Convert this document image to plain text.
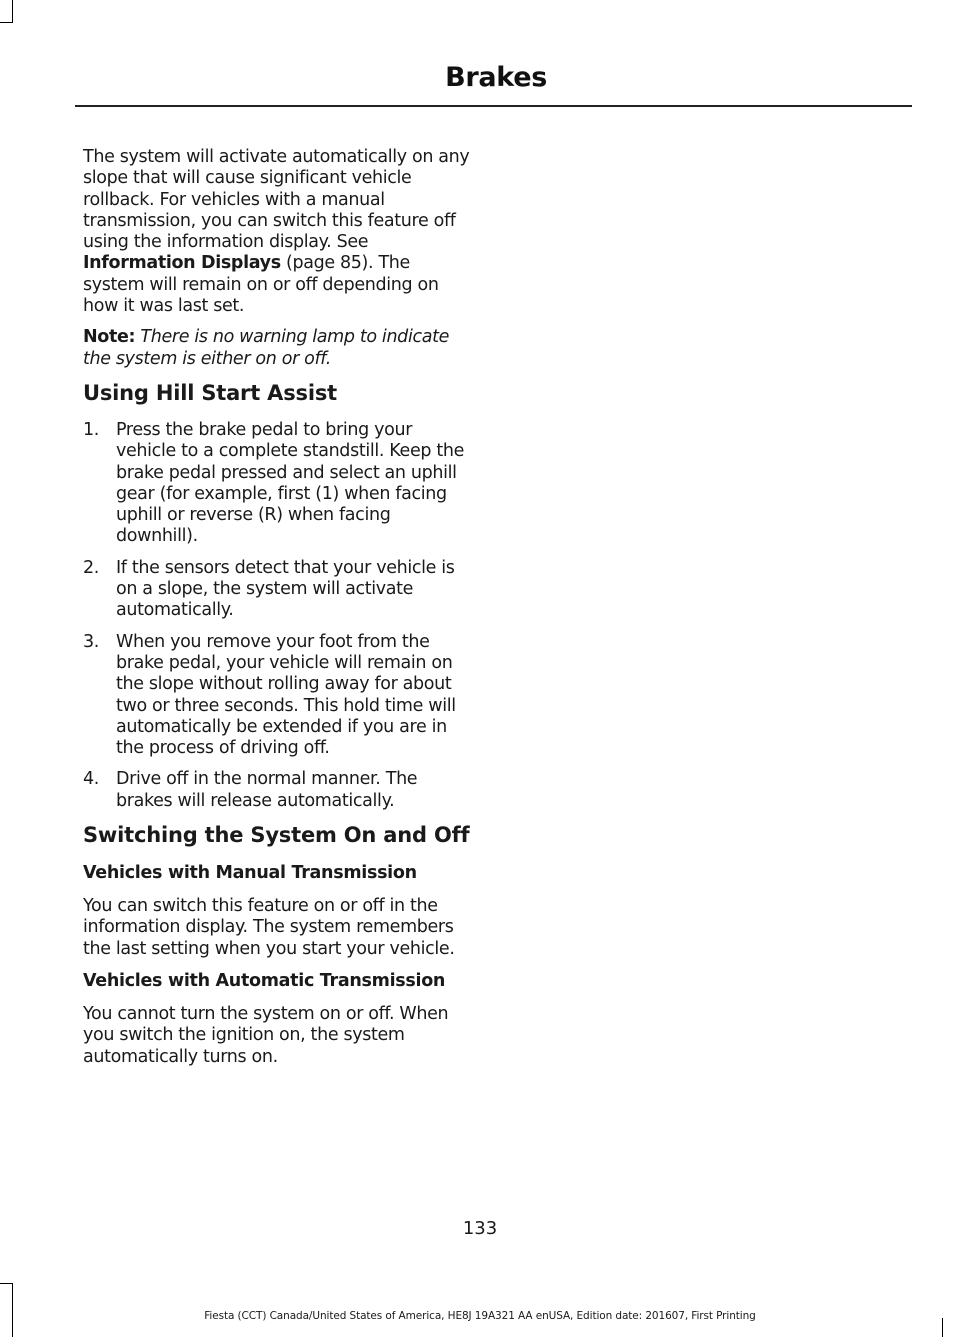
Brakes

The system will activate automatically on any slope that will cause significant vehicle rollback. For vehicles with a manual transmission, you can switch this feature off using the information display. See Information Displays (page 85). The system will remain on or off depending on how it was last set.

Note: There is no warning lamp to indicate the system is either on or off.

Using Hill Start Assist

1. Press the brake pedal to bring your vehicle to a complete standstill. Keep the brake pedal pressed and select an uphill gear (for example, first (1) when facing uphill or reverse (R) when facing downhill).
2. If the sensors detect that your vehicle is on a slope, the system will activate automatically.
3. When you remove your foot from the brake pedal, your vehicle will remain on the slope without rolling away for about two or three seconds. This hold time will automatically be extended if you are in the process of driving off.
4. Drive off in the normal manner. The brakes will release automatically.

Switching the System On and Off

Vehicles with Manual Transmission

You can switch this feature on or off in the information display. The system remembers the last setting when you start your vehicle.

Vehicles with Automatic Transmission

You cannot turn the system on or off. When you switch the ignition on, the system automatically turns on.

133
Fiesta (CCT) Canada/United States of America, HE8J 19A321 AA enUSA, Edition date: 201607, First Printing
